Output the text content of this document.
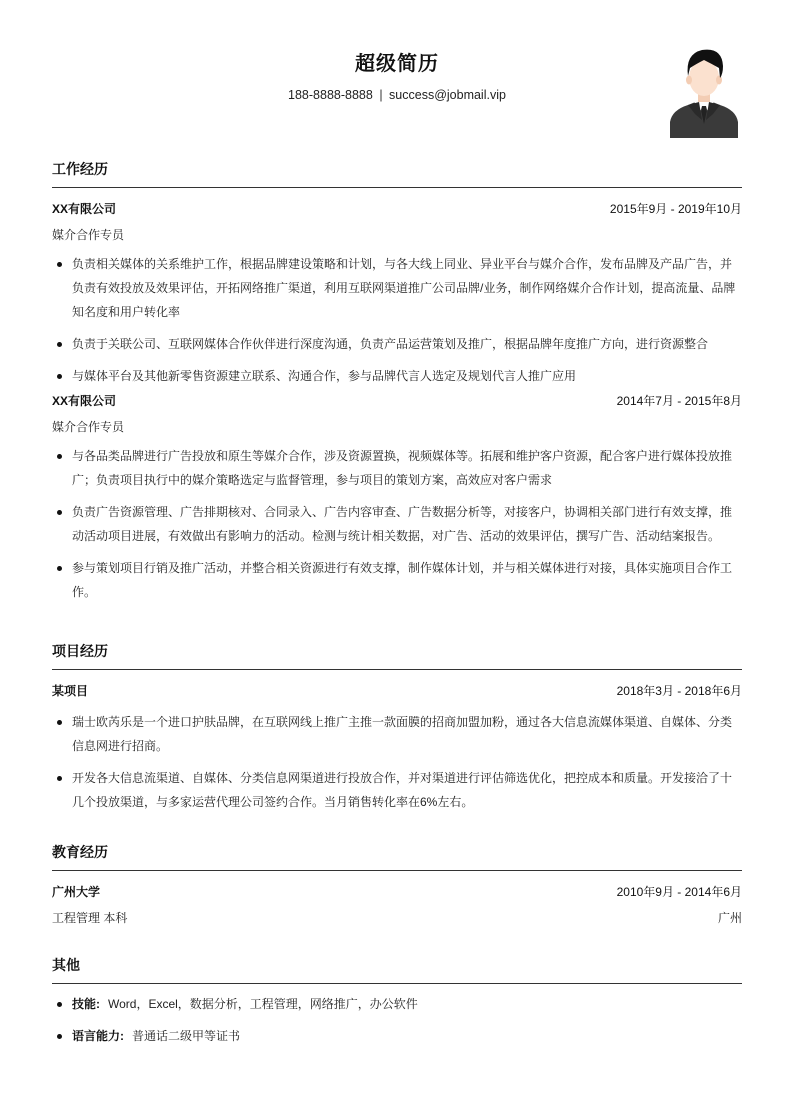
超级简历
188-8888-8888 | success@jobmail.vip
工作经历
XX有限公司	2015年9月 - 2019年10月
媒介合作专员
负责相关媒体的关系维护工作，根据品牌建设策略和计划，与各大线上同业、异业平台与媒介合作，发布品牌及产品广告，并负责有效投放及效果评估，开拓网络推广渠道，利用互联网渠道推广公司品牌/业务，制作网络媒介合作计划，提高流量、品牌知名度和用户转化率
负责于关联公司、互联网媒体合作伙伴进行深度沟通，负责产品运营策划及推广，根据品牌年度推广方向，进行资源整合
与媒体平台及其他新零售资源建立联系、沟通合作，参与品牌代言人选定及规划代言人推广应用
XX有限公司	2014年7月 - 2015年8月
媒介合作专员
与各品类品牌进行广告投放和原生等媒介合作，涉及资源置换，视频媒体等。拓展和维护客户资源，配合客户进行媒体投放推广；负责项目执行中的媒介策略选定与监督管理，参与项目的策划方案，高效应对客户需求
负责广告资源管理、广告排期核对、合同录入、广告内容审查、广告数据分析等，对接客户，协调相关部门进行有效支撑，推动活动项目进展，有效做出有影响力的活动。检测与统计相关数据，对广告、活动的效果评估，撰写广告、活动结案报告。
参与策划项目行销及推广活动，并整合相关资源进行有效支撑，制作媒体计划，并与相关媒体进行对接，具体实施项目合作工作。
项目经历
某项目	2018年3月 - 2018年6月
瑞士欧芮乐是一个进口护肤品牌，在互联网线上推广主推一款面膜的招商加盟加粉，通过各大信息流媒体渠道、自媒体、分类信息网进行招商。
开发各大信息流渠道、自媒体、分类信息网渠道进行投放合作，并对渠道进行评估筛选优化，把控成本和质量。开发接洽了十几个投放渠道，与多家运营代理公司签约合作。当月销售转化率在6%左右。
教育经历
广州大学	2010年9月 - 2014年6月
工程管理 本科	广州
其他
技能: Word，Excel，数据分析，工程管理，网络推广，办公软件
语言能力: 普通话二级甲等证书
